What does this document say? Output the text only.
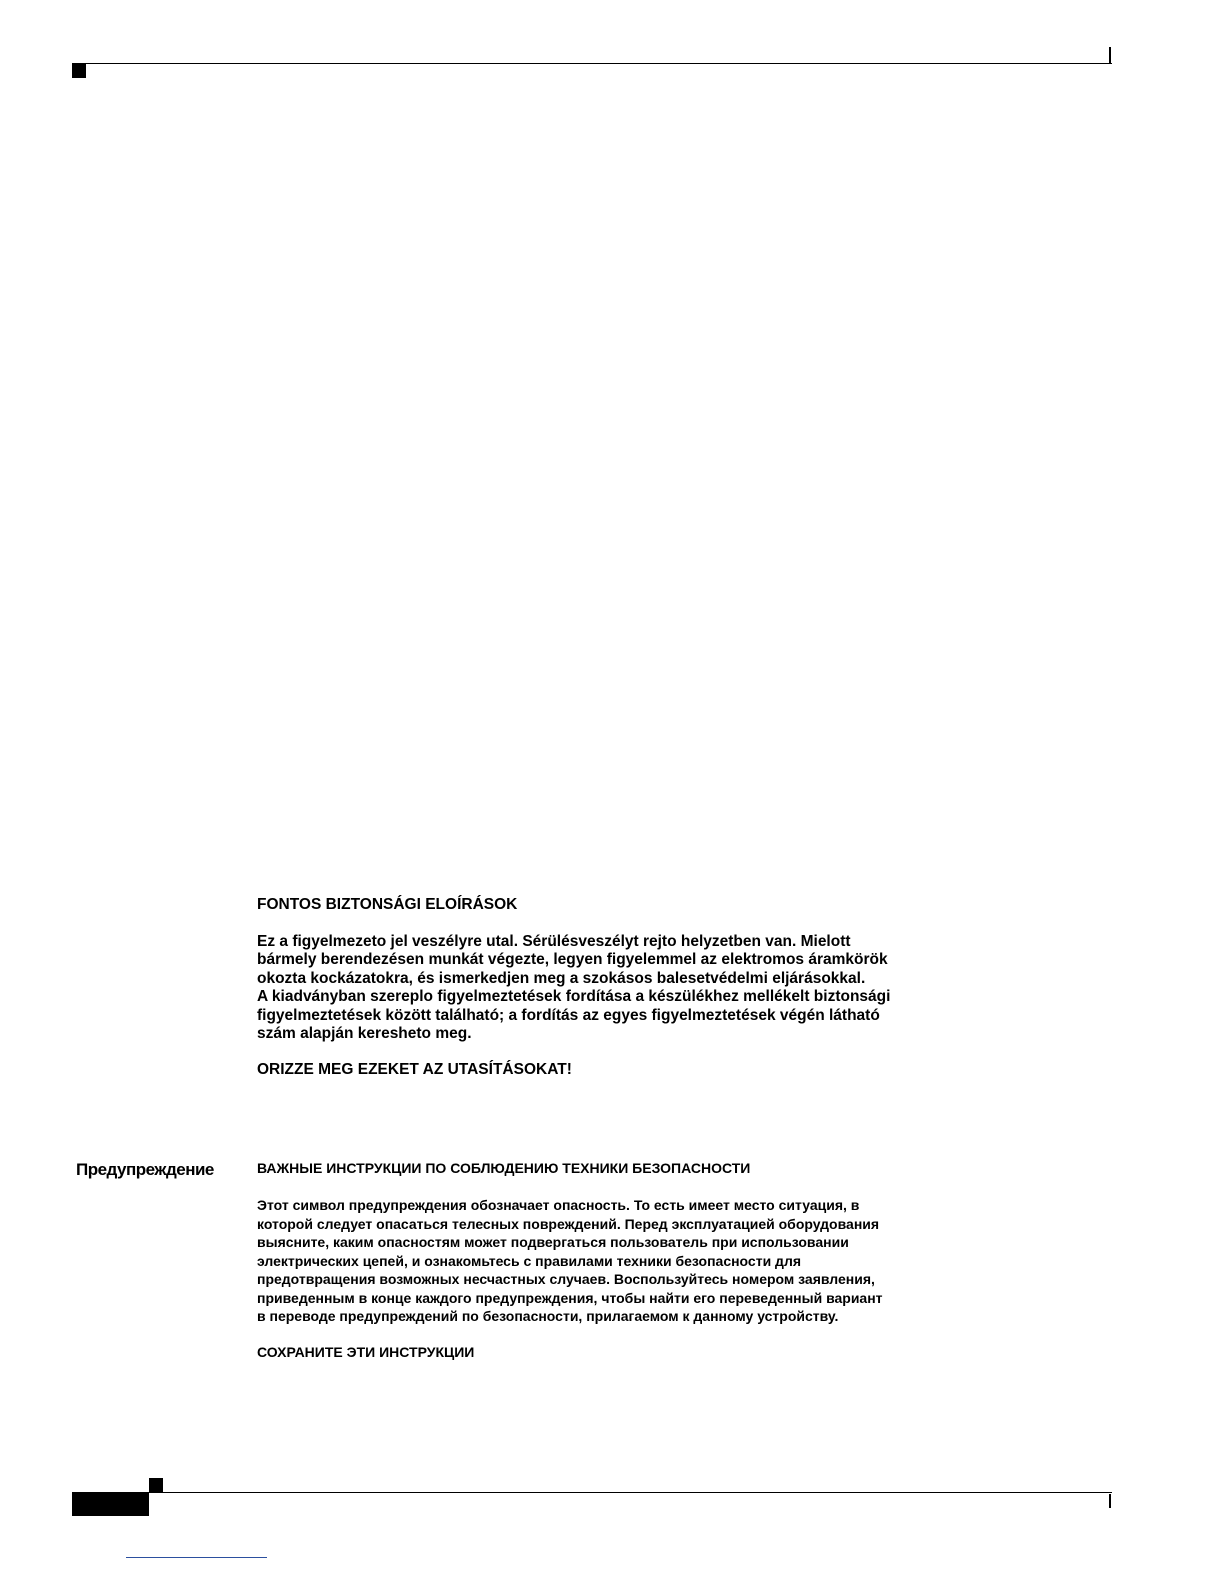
FONTOS BIZTONSÁGI ELOÍRÁSOK

Ez a figyelmezeto jel veszélyre utal. Sérülésveszélyt rejto helyzetben van. Mielott
bármely berendezésen munkát végezte, legyen figyelemmel az elektromos áramkörök
okozta kockázatokra, és ismerkedjen meg a szokásos balesetvédelmi eljárásokkal.
A kiadványban szereplo figyelmeztetések fordítása a készülékhez mellékelt biztonsági
figyelmeztetések között található; a fordítás az egyes figyelmeztetések végén látható
szám alapján kereshetо meg.

ORIZZE MEG EZEKET AZ UTASÍTÁSOKAT!

Предупреждение	ВАЖНЫЕ ИНСТРУКЦИИ ПО СОБЛЮДЕНИЮ ТЕХНИКИ БЕЗОПАСНОСТИ

Этот символ предупреждения обозначает опасность. То есть имеет место ситуация, в
которой следует опасаться телесных повреждений. Перед эксплуатацией оборудования
выясните, каким опасностям может подвергаться пользователь при использовании
электрических цепей, и ознакомьтесь с правилами техники безопасности для
предотвращения возможных несчастных случаев. Воспользуйтесь номером заявления,
приведенным в конце каждого предупреждения, чтобы найти его переведенный вариант
в переводе предупреждений по безопасности, прилагаемом к данному устройству.

СОХРАНИТЕ ЭТИ ИНСТРУКЦИИ
